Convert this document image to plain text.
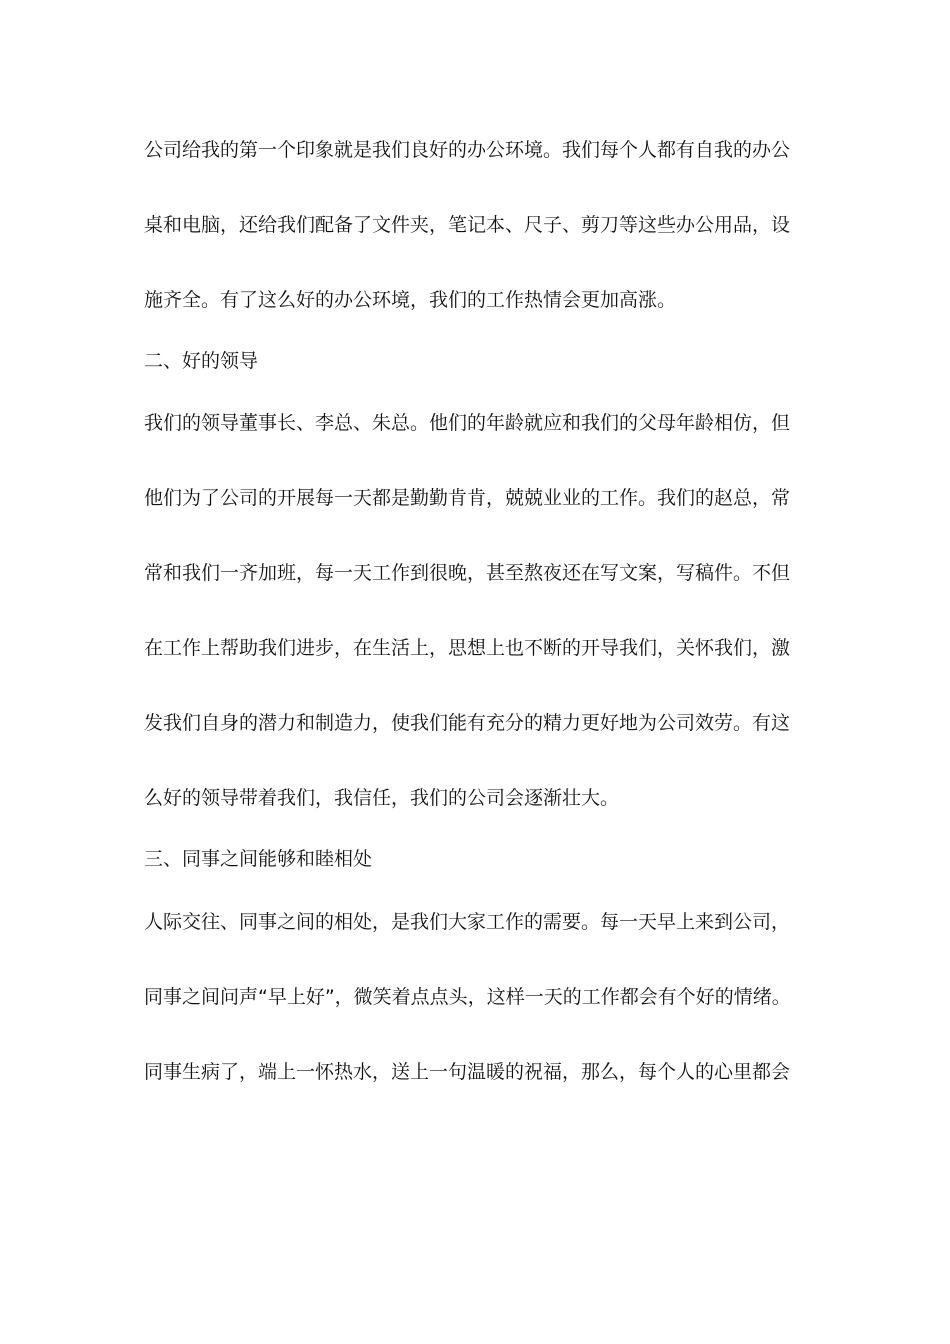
公司给我的第一个印象就是我们良好的办公环境。我们每个人都有自我的办公
桌和电脑，还给我们配备了文件夹，笔记本、尺子、剪刀等这些办公用品，设
施齐全。有了这么好的办公环境，我们的工作热情会更加高涨。
二、好的领导
我们的领导董事长、李总、朱总。他们的年龄就应和我们的父母年龄相仿，但
他们为了公司的开展每一天都是勤勤肯肯，兢兢业业的工作。我们的赵总，常
常和我们一齐加班，每一天工作到很晚，甚至熬夜还在写文案，写稿件。不但
在工作上帮助我们进步，在生活上，思想上也不断的开导我们，关怀我们，激
发我们自身的潜力和制造力，使我们能有充分的精力更好地为公司效劳。有这
么好的领导带着我们，我信任，我们的公司会逐渐壮大。
三、同事之间能够和睦相处
人际交往、同事之间的相处，是我们大家工作的需要。每一天早上来到公司，
同事之间问声“早上好”，微笑着点点头，这样一天的工作都会有个好的情绪。
同事生病了，端上一怀热水，送上一句温暖的祝福，那么，每个人的心里都会
